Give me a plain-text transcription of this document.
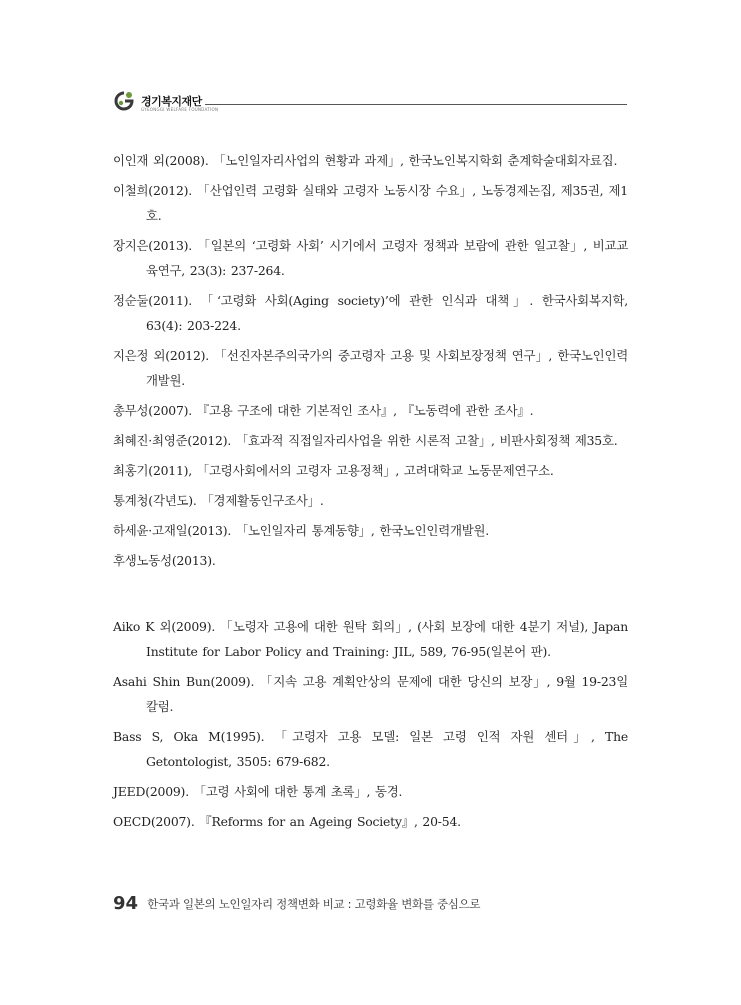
경기복지재단
GYEONGGI WELFARE FOUNDATION

이인재 외(2008). 「노인일자리사업의 현황과 과제」, 한국노인복지학회 춘계학술대회자료집.

이철희(2012). 「산업인력 고령화 실태와 고령자 노동시장 수요」, 노동경제논집, 제35권, 제1호.

장지은(2013). 「일본의 ‘고령화 사회’ 시기에서 고령자 정책과 보람에 관한 일고찰」, 비교교육연구, 23(3): 237-264.

정순둘(2011). 「‘고령화 사회(Aging society)’에 관한 인식과 대책」. 한국사회복지학, 63(4): 203-224.

지은정 외(2012). 「선진자본주의국가의 중고령자 고용 및 사회보장정책 연구」, 한국노인인력개발원.

총무성(2007). 『고용 구조에 대한 기본적인 조사』, 『노동력에 관한 조사』.

최혜진·최영준(2012). 「효과적 직접일자리사업을 위한 시론적 고찰」, 비판사회정책 제35호.

최홍기(2011), 「고령사회에서의 고령자 고용정책」, 고려대학교 노동문제연구소.

통계청(각년도). 「경제활동인구조사」.

하세윤·고재일(2013). 「노인일자리 통계동향」, 한국노인인력개발원.

후생노동성(2013).

Aiko K 외(2009). 「노령자 고용에 대한 원탁 회의」, (사회 보장에 대한 4분기 저널), Japan Institute for Labor Policy and Training: JIL, 589, 76-95(일본어 판).

Asahi Shin Bun(2009). 「지속 고용 계획안상의 문제에 대한 당신의 보장」, 9월 19-23일 칼럼.

Bass S, Oka M(1995). 「고령자 고용 모델: 일본 고령 인적 자원 센터」, The Getontologist, 3505: 679-682.

JEED(2009). 「고령 사회에 대한 통계 초록」, 동경.

OECD(2007). 『Reforms for an Ageing Society』, 20-54.

94 한국과 일본의 노인일자리 정책변화 비교 : 고령화율 변화를 중심으로
